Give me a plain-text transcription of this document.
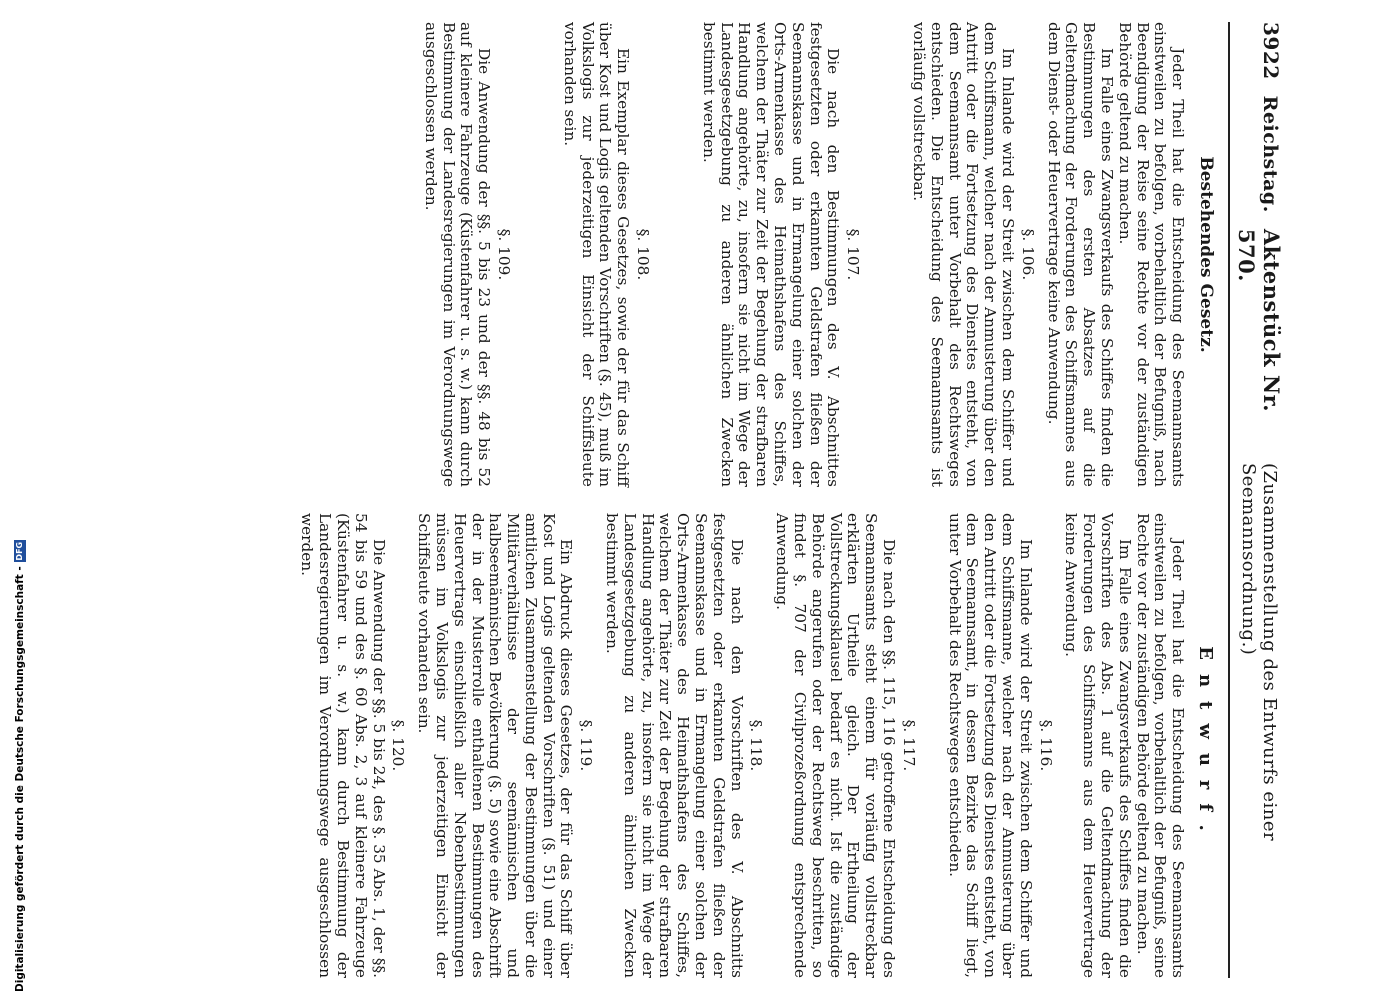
3922
Reichstag.
Aktenstück Nr. 570.
(Zusammenstellung des Entwurfs einer Seemannsordnung.)
Bestehendes Gesetz.

Jeder Theil hat die Entscheidung des Seemannsamts einstweilen zu befolgen, vorbehaltlich der Befugniß, nach Beendigung der Reise seine Rechte vor der zuständigen Behörde geltend zu machen.

Im Falle eines Zwangsverkaufs des Schiffes finden die Bestimmungen des ersten Absatzes auf die Geltendmachung der Forderungen des Schiffsmannes aus dem Dienst- oder Heuervertrage keine Anwendung.

§. 106.

Im Inlande wird der Streit zwischen dem Schiffer und dem Schiffsmann, welcher nach der Anmusterung über den Antritt oder die Fortsetzung des Dienstes entsteht, von dem Seemannsamt unter Vorbehalt des Rechtsweges entschieden. Die Entscheidung des Seemannsamts ist vorläufig vollstreckbar.

§. 107.

Die nach den Bestimmungen des V. Abschnittes festgesetzten oder erkannten Geldstrafen fließen der Seemannskasse und in Ermangelung einer solchen der Orts-Armenkasse des Heimathshafens des Schiffes, welchem der Thäter zur Zeit der Begehung der strafbaren Handlung angehörte, zu, insofern sie nicht im Wege der Landesgesetzgebung zu anderen ähnlichen Zwecken bestimmt werden.

§. 108.

Ein Exemplar dieses Gesetzes, sowie der für das Schiff über Kost und Logis geltenden Vorschriften (§. 45), muß im Volkslogis zur jederzeitigen Einsicht der Schiffsleute vorhanden sein.

§. 109.

Die Anwendung der §§. 5 bis 23 und der §§. 48 bis 52 auf kleinere Fahrzeuge (Küstenfahrer u. s. w.) kann durch Bestimmung der Landesregierungen im Verordnungswege ausgeschlossen werden.

Entwurf.

Jeder Theil hat die Entscheidung des Seemannsamts einstweilen zu befolgen, vorbehaltlich der Befugniß, seine Rechte vor der zuständigen Behörde geltend zu machen.

Im Falle eines Zwangsverkaufs des Schiffes finden die Vorschriften des Abs. 1 auf die Geltendmachung der Forderungen des Schiffsmanns aus dem Heuervertrage keine Anwendung.

§. 116.

Im Inlande wird der Streit zwischen dem Schiffer und dem Schiffsmanne, welcher nach der Anmusterung über den Antritt oder die Fortsetzung des Dienstes entsteht, von dem Seemannsamt, in dessen Bezirke das Schiff liegt, unter Vorbehalt des Rechtsweges entschieden.

§. 117.

Die nach den §§. 115, 116 getroffene Entscheidung des Seemannsamts steht einem für vorläufig vollstreckbar erklärten Urtheile gleich. Der Ertheilung der Vollstreckungsklausel bedarf es nicht. Ist die zuständige Behörde angerufen oder der Rechtsweg beschritten, so findet §. 707 der Civilprozeßordnung entsprechende Anwendung.

§. 118.

Die nach den Vorschriften des V. Abschnitts festgesetzten oder erkannten Geldstrafen fließen der Seemannskasse und in Ermangelung einer solchen der Orts-Armenkasse des Heimathshafens des Schiffes, welchem der Thäter zur Zeit der Begehung der strafbaren Handlung angehörte, zu, insofern sie nicht im Wege der Landesgesetzgebung zu anderen ähnlichen Zwecken bestimmt werden.

§. 119.

Ein Abdruck dieses Gesetzes, der für das Schiff über Kost und Logis geltenden Vorschriften (§. 51) und einer amtlichen Zusammenstellung der Bestimmungen über die Militärverhältnisse der seemännischen und halbseemännischen Bevölkerung (§. 5) sowie eine Abschrift der in der Musterrolle enthaltenen Bestimmungen des Heuervertrags einschließlich aller Nebenbestimmungen müssen im Volkslogis zur jederzeitigen Einsicht der Schiffsleute vorhanden sein.

§. 120.

Die Anwendung der §§. 5 bis 24, des §. 35 Abs. 1, der §§. 54 bis 59 und des §. 60 Abs. 2, 3 auf kleinere Fahrzeuge (Küstenfahrer u. s. w.) kann durch Bestimmung der Landesregierungen im Verordnungswege ausgeschlossen werden.

Digitalisierung gefördert durch die Deutsche Forschungsgemeinschaft -
DFG
